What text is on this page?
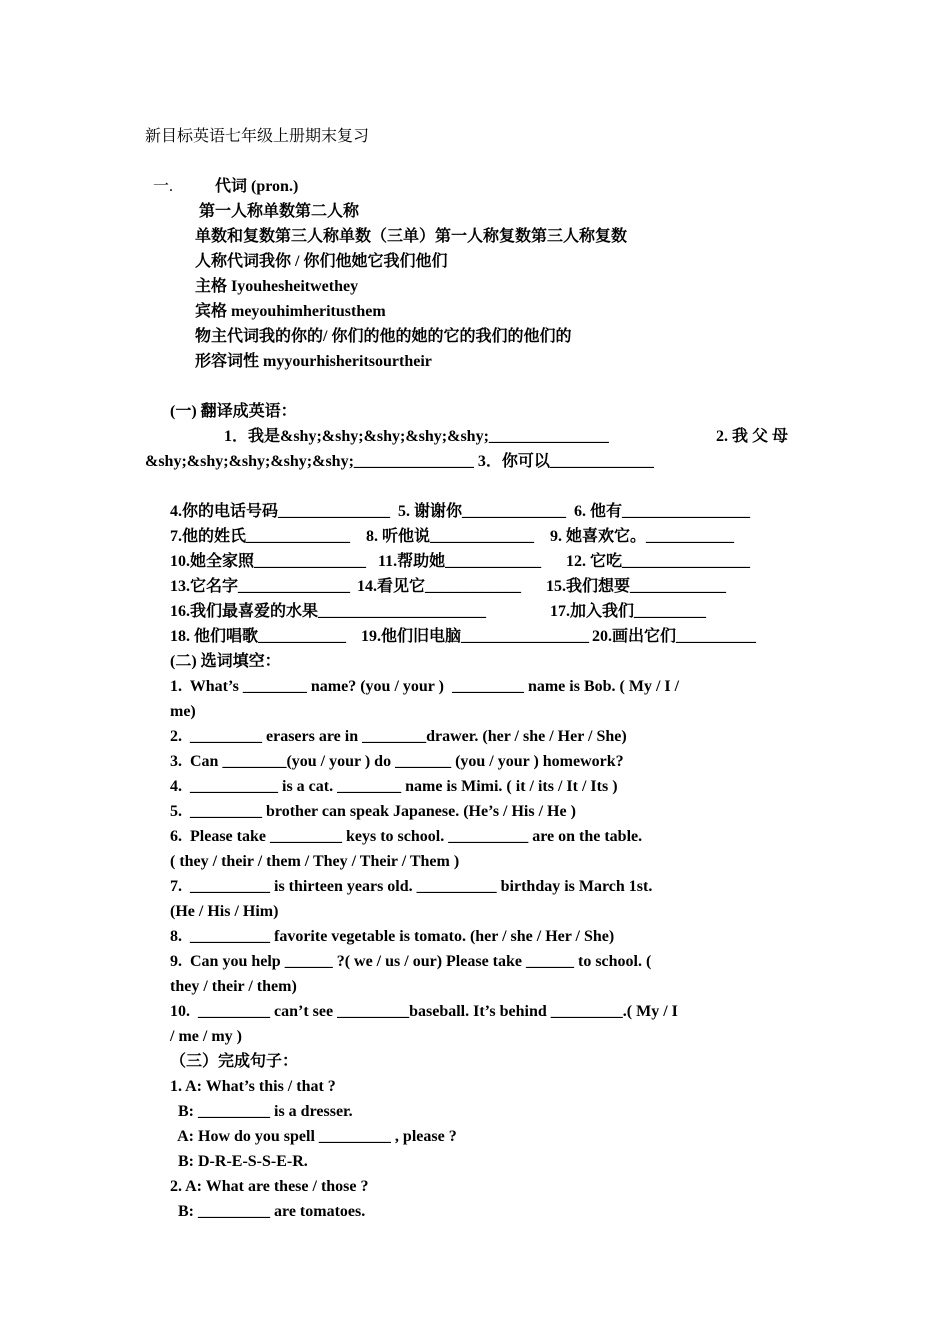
新目标英语七年级上册期末复习
一.	代词 (pron.)
第一人称单数第二人称
单数和复数第三人称单数（三单）第一人称复数第三人称复数
人称代词我你 / 你们他她它我们他们
主格 Iyouhesheitwethey
宾格 meyouhimheritusthem
物主代词我的你的/ 你们的他的她的它的我们的他们的
形容词性 myyourhisheritsourtheir
(一) 翻译成英语：
1．我是&shy;&shy;&shy;&shy;&shy;_______________	2. 我 父 母
&shy;&shy;&shy;&shy;&shy;_______________ 3．你可以_____________
4.你的电话号码______________ 5. 谢谢你_____________ 6. 他有________________
7.他的姓氏_____________ 8. 听他说_____________ 9. 她喜欢它。___________
10.她全家照______________ 11.帮助她____________ 12. 它吃________________
13.它名字______________ 14.看见它____________ 15.我们想要____________
16.我们最喜爱的水果_____________________	17.加入我们_________
18. 他们唱歌___________ 19.他们旧电脑________________ 20.画出它们__________
(二) 选词填空：
1.  What’s ________ name? (you / your )  _________ name is Bob. ( My / I /
me)
2.  _________ erasers are in ________drawer. (her / she / Her / She)
3.  Can ________(you / your ) do _______ (you / your ) homework?
4.  ___________ is a cat. ________ name is Mimi. ( it / its / It / Its )
5.  _________ brother can speak Japanese. (He’s / His / He )
6.  Please take _________ keys to school. __________ are on the table.
( they / their / them / They / Their / Them )
7.  __________ is thirteen years old. __________ birthday is March 1st.
(He / His / Him)
8.  __________ favorite vegetable is tomato. (her / she / Her / She)
9.  Can you help ______ ?( we / us / our) Please take ______ to school. (
they / their / them)
10.  _________ can’t see _________baseball. It’s behind _________.( My / I
/ me / my )
（三）完成句子：
1. A: What’s this / that ?
B: _________ is a dresser.
A: How do you spell _________ , please ?
B: D-R-E-S-S-E-R.
2. A: What are these / those ?
B: _________ are tomatoes.
